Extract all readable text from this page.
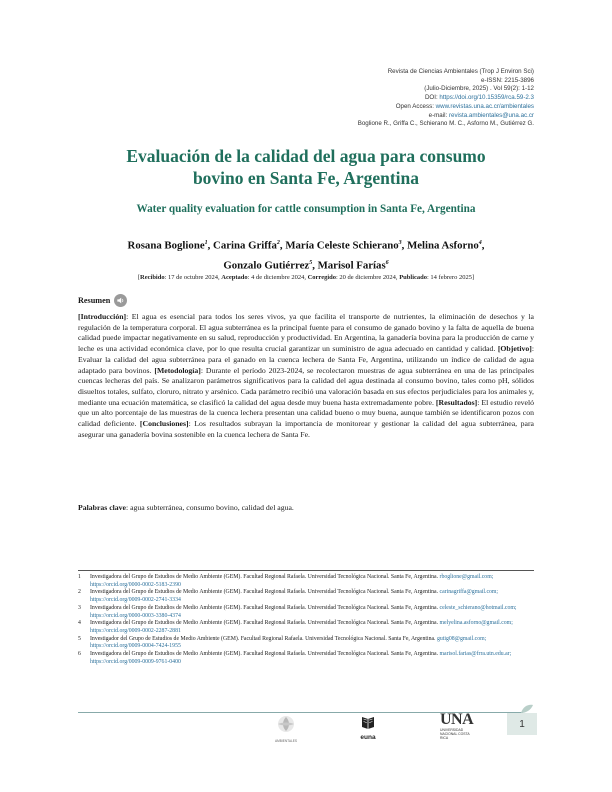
Revista de Ciencias Ambientales (Trop J Environ Sci)
e-ISSN: 2215-3896
(Julio-Diciembre, 2025) . Vol 59(2): 1-12
DOI: https://doi.org/10.15359/rca.59-2.3
Open Access: www.revistas.una.ac.cr/ambientales
e-mail: revista.ambientales@una.ac.cr
Boglione R., Griffa C., Schierano M. C., Asforno M., Gutiérrez G.
Evaluación de la calidad del agua para consumo
bovino en Santa Fe, Argentina
Water quality evaluation for cattle consumption in Santa Fe, Argentina
Rosana Boglione$^1$, Carina Griffa$^2$, María Celeste Schierano$^3$, Melina Asforno$^4$,
Gonzalo Gutiérrez$^5$, Marisol Farías$^6$
[Recibido: 17 de octubre 2024, Aceptado: 4 de diciembre 2024, Corregido: 20 de diciembre 2024, Publicado: 14 febrero 2025]
Resumen
[Introducción]: El agua es esencial para todos los seres vivos, ya que facilita el transporte de nutrientes, la eliminación de desechos y la regulación de la temperatura corporal. El agua subterránea es la principal fuente para el consumo de ganado bovino y la falta de aquella de buena calidad puede impactar negativamente en su salud, reproducción y productividad. En Argentina, la ganadería bovina para la producción de carne y leche es una actividad económica clave, por lo que resulta crucial garantizar un suministro de agua adecuado en cantidad y calidad. [Objetivo]: Evaluar la calidad del agua subterránea para el ganado en la cuenca lechera de Santa Fe, Argentina, utilizando un índice de calidad de agua adaptado para bovinos. [Metodología]: Durante el período 2023-2024, se recolectaron muestras de agua subterránea en una de las principales cuencas lecheras del país. Se analizaron parámetros significativos para la calidad del agua destinada al consumo bovino, tales como pH, sólidos disueltos totales, sulfato, cloruro, nitrato y arsénico. Cada parámetro recibió una valoración basada en sus efectos perjudiciales para los animales y, mediante una ecuación matemática, se clasificó la calidad del agua desde muy buena hasta extremadamente pobre. [Resultados]: El estudio reveló que un alto porcentaje de las muestras de la cuenca lechera presentan una calidad bueno o muy buena, aunque también se identificaron pozos con calidad deficiente. [Conclusiones]: Los resultados subrayan la importancia de monitorear y gestionar la calidad del agua subterránea, para asegurar una ganadería bovina sostenible en la cuenca lechera de Santa Fe.
Palabras clave: agua subterránea, consumo bovino, calidad del agua.
1	Investigadora del Grupo de Estudios de Medio Ambiente (GEM). Facultad Regional Rafaela. Universidad Tecnológica Nacional. Santa Fe, Argentina. rboglione@gmail.com; https://orcid.org/0000-0002-5183-2390
2	Investigadora del Grupo de Estudios de Medio Ambiente (GEM). Facultad Regional Rafaela. Universidad Tecnológica Nacional. Santa Fe, Argentina. carinagriffa@gmail.com; https://orcid.org/0009-0002-2741-3334
3	Investigadora del Grupo de Estudios de Medio Ambiente (GEM). Facultad Regional Rafaela. Universidad Tecnológica Nacional. Santa Fe, Argentina. celeste_schierano@hotmail.com; https://orcid.org/0000-0003-3380-4374
4	Investigadora del Grupo de Estudios de Medio Ambiente (GEM). Facultad Regional Rafaela. Universidad Tecnológica Nacional. Santa Fe, Argentina. melyelina.asforno@gmail.com; https://orcid.org/0009-0002-2287-2881
5	Investigador del Grupo de Estudios de Medio Ambiente (GEM). Facultad Regional Rafaela. Universidad Tecnológica Nacional. Santa Fe, Argentina. gutig08@gmail.com; https://orcid.org/0009-0004-7424-1955
6	Investigadora del Grupo de Estudios de Medio Ambiente (GEM). Facultad Regional Rafaela. Universidad Tecnológica Nacional. Santa Fe, Argentina. marisol.farias@frra.utn.edu.ar; https://orcid.org/0009-0009-9761-0400
AMBIENTALES	euna
UNA
UNIVERSIDAD NACIONAL COSTA RICA
1
